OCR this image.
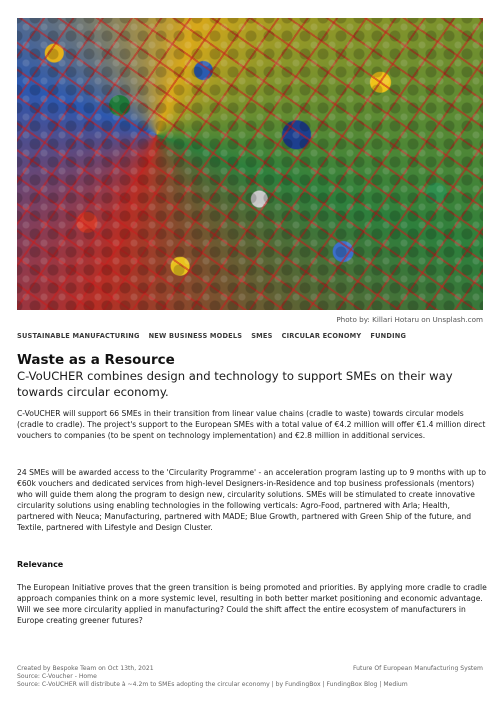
Photo by: Killari Hotaru on Unsplash.com
SUSTAINABLE MANUFACTURING NEW BUSINESS MODELS SMES CIRCULAR ECONOMY FUNDING
Waste as a Resource
C-VoUCHER combines design and technology to support SMEs on their way towards circular economy.

C-VoUCHER will support 66 SMEs in their transition from linear value chains (cradle to waste) towards circular models (cradle to cradle). The project's support to the European SMEs with a total value of €4.2 million will offer €1.4 million direct vouchers to companies (to be spent on technology implementation) and €2.8 million in additional services.

24 SMEs will be awarded access to the 'Circularity Programme' - an acceleration program lasting up to 9 months with up to €60k vouchers and dedicated services from high-level Designers-in-Residence and top business professionals (mentors) who will guide them along the program to design new, circularity solutions. SMEs will be stimulated to create innovative circularity solutions using enabling technologies in the following verticals: Agro-Food, partnered with Arla; Health, partnered with Neuca; Manufacturing, partnered with MADE; Blue Growth, partnered with Green Ship of the future, and Textile, partnered with Lifestyle and Design Cluster.

Relevance

The European Initiative proves that the green transition is being promoted and priorities. By applying more cradle to cradle approach companies think on a more systemic level, resulting in both better market positioning and economic advantage. Will we see more circularity applied in manufacturing? Could the shift affect the entire ecosystem of manufacturers in Europe creating greener futures?

Created by Bespoke Team on Oct 13th, 2021	Future Of European Manufacturing System
Source: C-Voucher - Home
Source: C-VoUCHER will distribute à ~4.2m to SMEs adopting the circular economy | by FundingBox | FundingBox Blog | Medium
